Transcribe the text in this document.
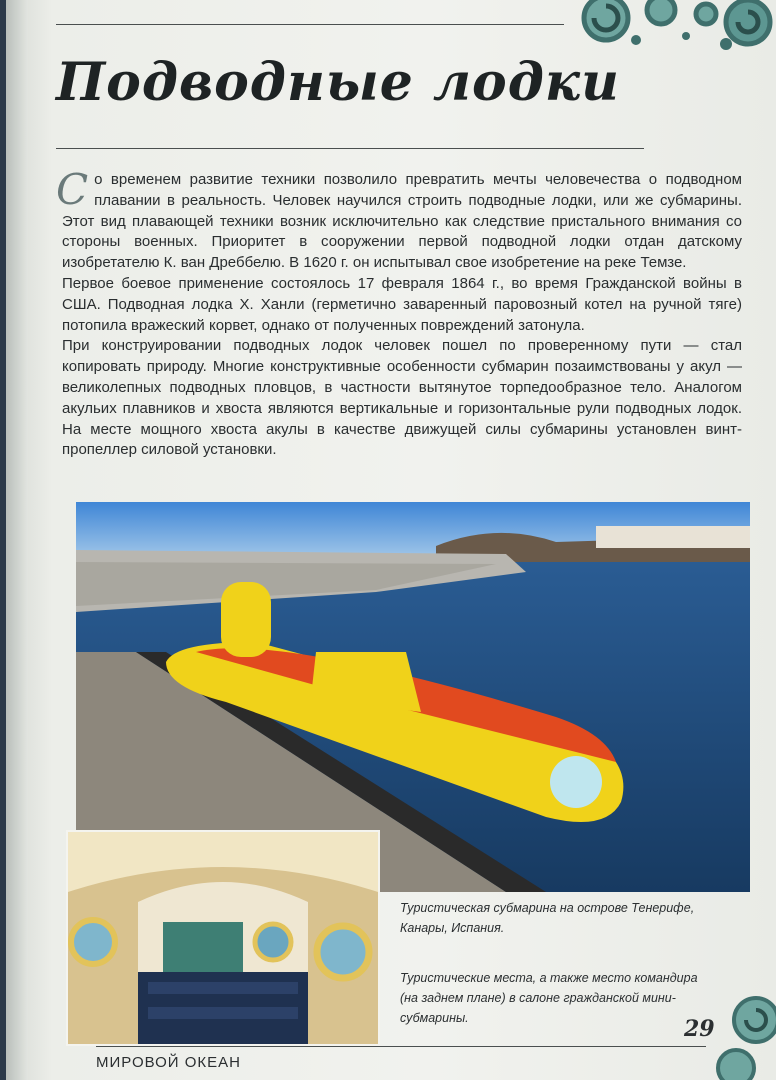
Подводные лодки

Со временем развитие техники позволило превратить мечты человечества о подводном плавании в реальность. Человек научился строить подводные лодки, или же субмарины. Этот вид плавающей техники возник исключительно как следствие пристального внимания со стороны военных. Приоритет в сооружении первой подводной лодки отдан датскому изобретателю К. ван Дреббелю. В 1620 г. он испытывал свое изобретение на реке Темзе.

Первое боевое применение состоялось 17 февраля 1864 г., во время Гражданской войны в США. Подводная лодка Х. Ханли (герметично заваренный паровозный котел на ручной тяге) потопила вражеский корвет, однако от полученных повреждений затонула.

При конструировании подводных лодок человек пошел по проверенному пути — стал копировать природу. Многие конструктивные особенности субмарин позаимствованы у акул — великолепных подводных пловцов, в частности вытянутое торпедообразное тело. Аналогом акульих плавников и хвоста являются вертикальные и горизонтальные рули подводных лодок. На месте мощного хвоста акулы в качестве движущей силы субмарины установлен винт-пропеллер силовой установки.

Туристическая субмарина на острове Тенерифе, Канары, Испания.
Туристические места, а также место командира (на заднем плане) в салоне гражданской мини-субмарины.	29
МИРОВОЙ ОКЕАН
